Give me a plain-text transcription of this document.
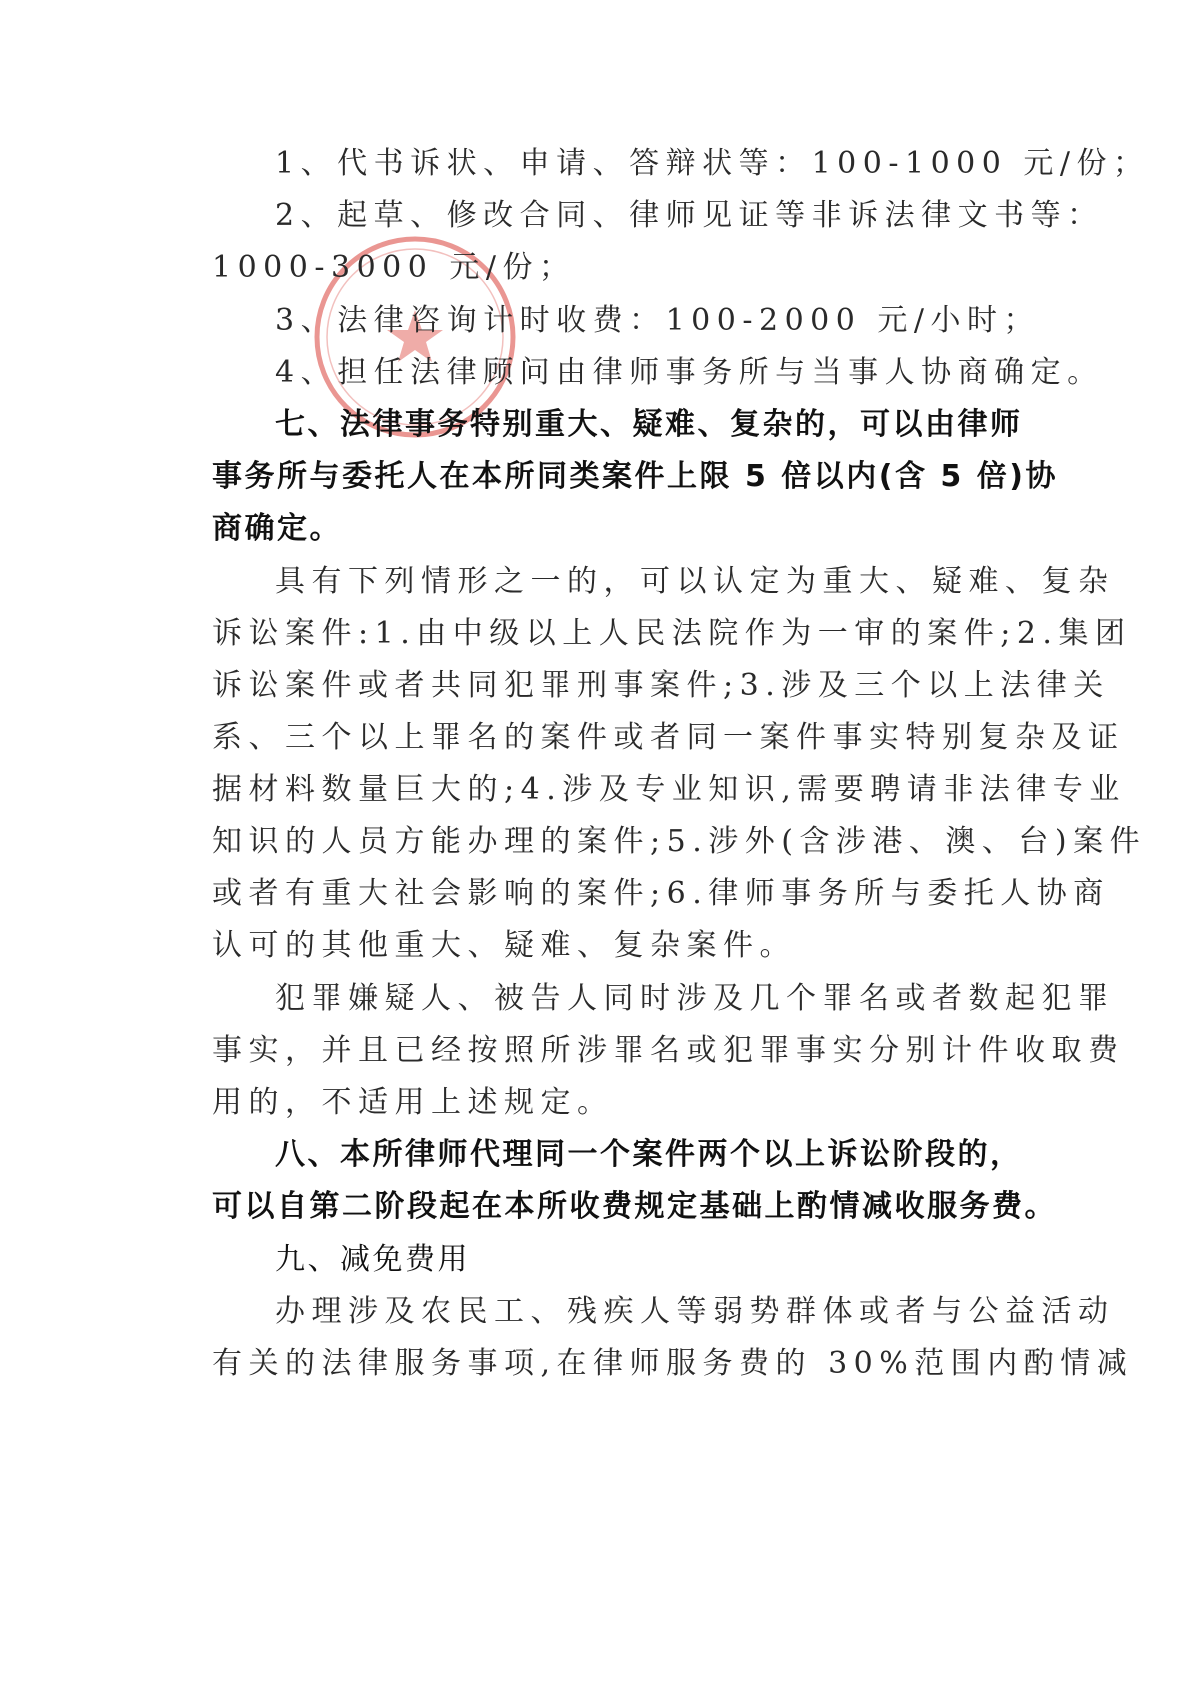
1、代书诉状、申请、答辩状等：100-1000 元/份；
2、起草、修改合同、律师见证等非诉法律文书等：
1000-3000 元/份；
3、法律咨询计时收费：100-2000 元/小时；
4、担任法律顾问由律师事务所与当事人协商确定。
七、法律事务特别重大、疑难、复杂的，可以由律师
事务所与委托人在本所同类案件上限 5 倍以内(含 5 倍)协
商确定。
具有下列情形之一的，可以认定为重大、疑难、复杂
诉讼案件:1.由中级以上人民法院作为一审的案件;2.集团
诉讼案件或者共同犯罪刑事案件;3.涉及三个以上法律关
系、三个以上罪名的案件或者同一案件事实特别复杂及证
据材料数量巨大的;4.涉及专业知识,需要聘请非法律专业
知识的人员方能办理的案件;5.涉外(含涉港、澳、台)案件
或者有重大社会影响的案件;6.律师事务所与委托人协商
认可的其他重大、疑难、复杂案件。
犯罪嫌疑人、被告人同时涉及几个罪名或者数起犯罪
事实，并且已经按照所涉罪名或犯罪事实分别计件收取费
用的，不适用上述规定。
八、本所律师代理同一个案件两个以上诉讼阶段的，
可以自第二阶段起在本所收费规定基础上酌情减收服务费。
九、减免费用
办理涉及农民工、残疾人等弱势群体或者与公益活动
有关的法律服务事项,在律师服务费的 30%范围内酌情减
